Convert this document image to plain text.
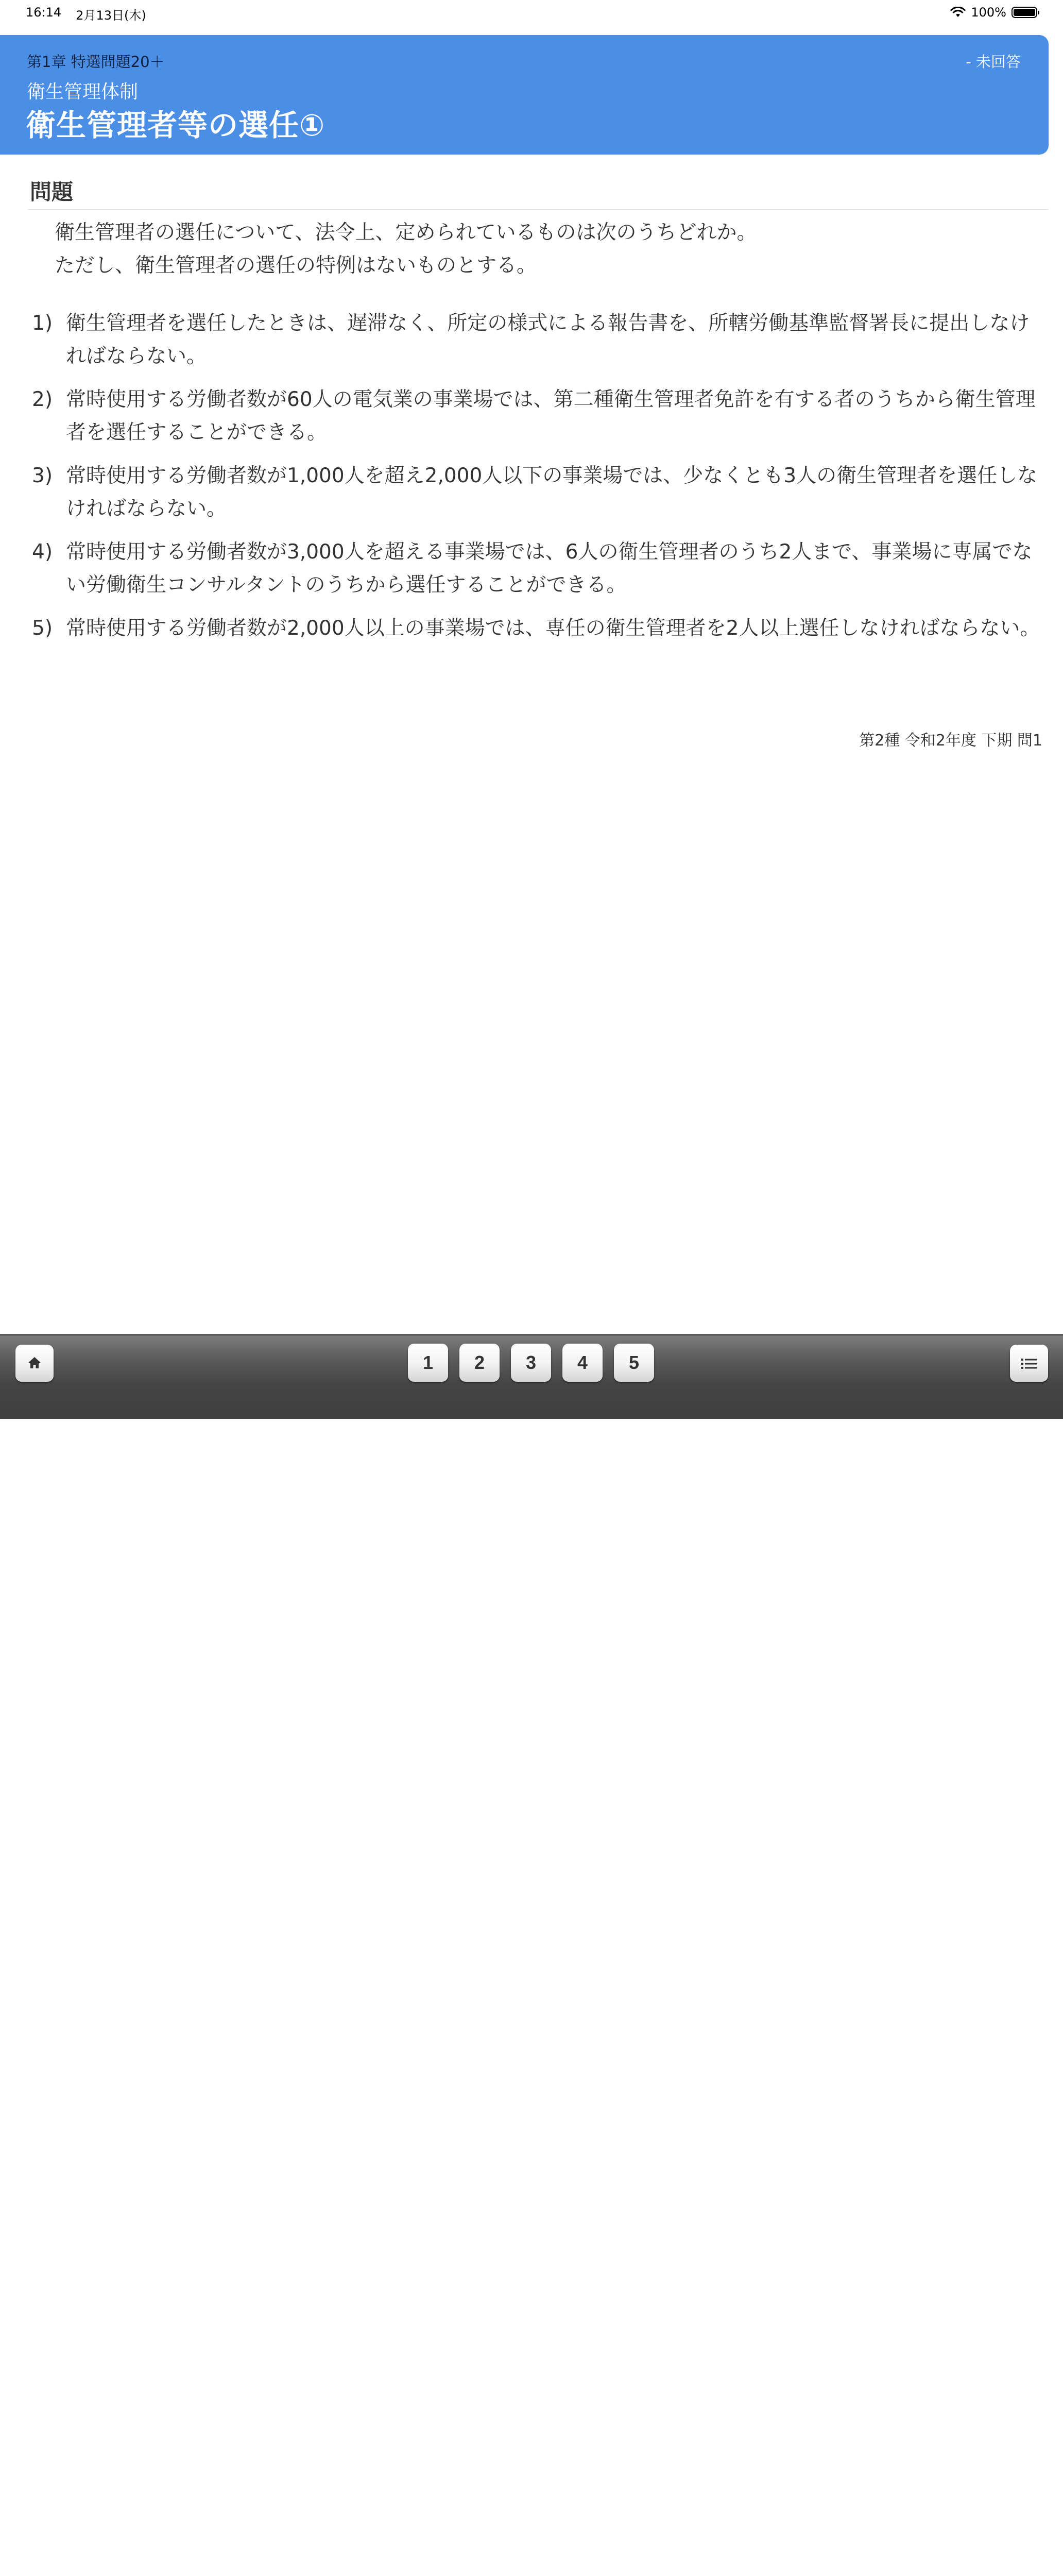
16:14 2月13日(木)	100%
第1章 特選問題20＋	- 未回答
衛生管理体制
衛生管理者等の選任①
問題
衛生管理者の選任について、法令上、定められているものは次のうちどれか。
ただし、衛生管理者の選任の特例はないものとする。
1) 衛生管理者を選任したときは、遅滞なく、所定の様式による報告書を、所轄労働基準監督署長に提出しなければならない。
2) 常時使用する労働者数が60人の電気業の事業場では、第二種衛生管理者免許を有する者のうちから衛生管理者を選任することができる。
3) 常時使用する労働者数が1,000人を超え2,000人以下の事業場では、少なくとも3人の衛生管理者を選任しなければならない。
4) 常時使用する労働者数が3,000人を超える事業場では、6人の衛生管理者のうち2人まで、事業場に専属でない労働衛生コンサルタントのうちから選任することができる。
5) 常時使用する労働者数が2,000人以上の事業場では、専任の衛生管理者を2人以上選任しなければならない。
第2種 令和2年度 下期 問1
1	2	3	4	5
